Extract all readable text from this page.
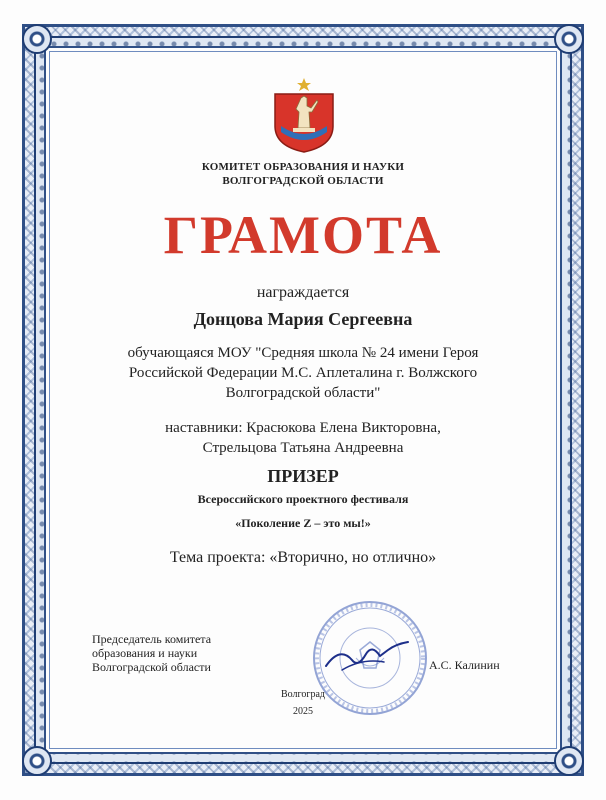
КОМИТЕТ ОБРАЗОВАНИЯ И НАУКИ
ВОЛГОГРАДСКОЙ ОБЛАСТИ
ГРАМОТА
награждается
Донцова Мария Сергеевна
обучающаяся МОУ "Средняя школа № 24 имени Героя
Российской Федерации М.С. Аплеталина г. Волжского
Волгоградской области"
наставники: Красюкова Елена Викторовна,
Стрельцова Татьяна Андреевна
ПРИЗЕР
Всероссийского проектного фестиваля
«Поколение Z – это мы!»
Тема проекта: «Вторично, но отлично»
Председатель комитета
образования и науки
Волгоградской области	А.С. Калинин
Волгоград
2025
